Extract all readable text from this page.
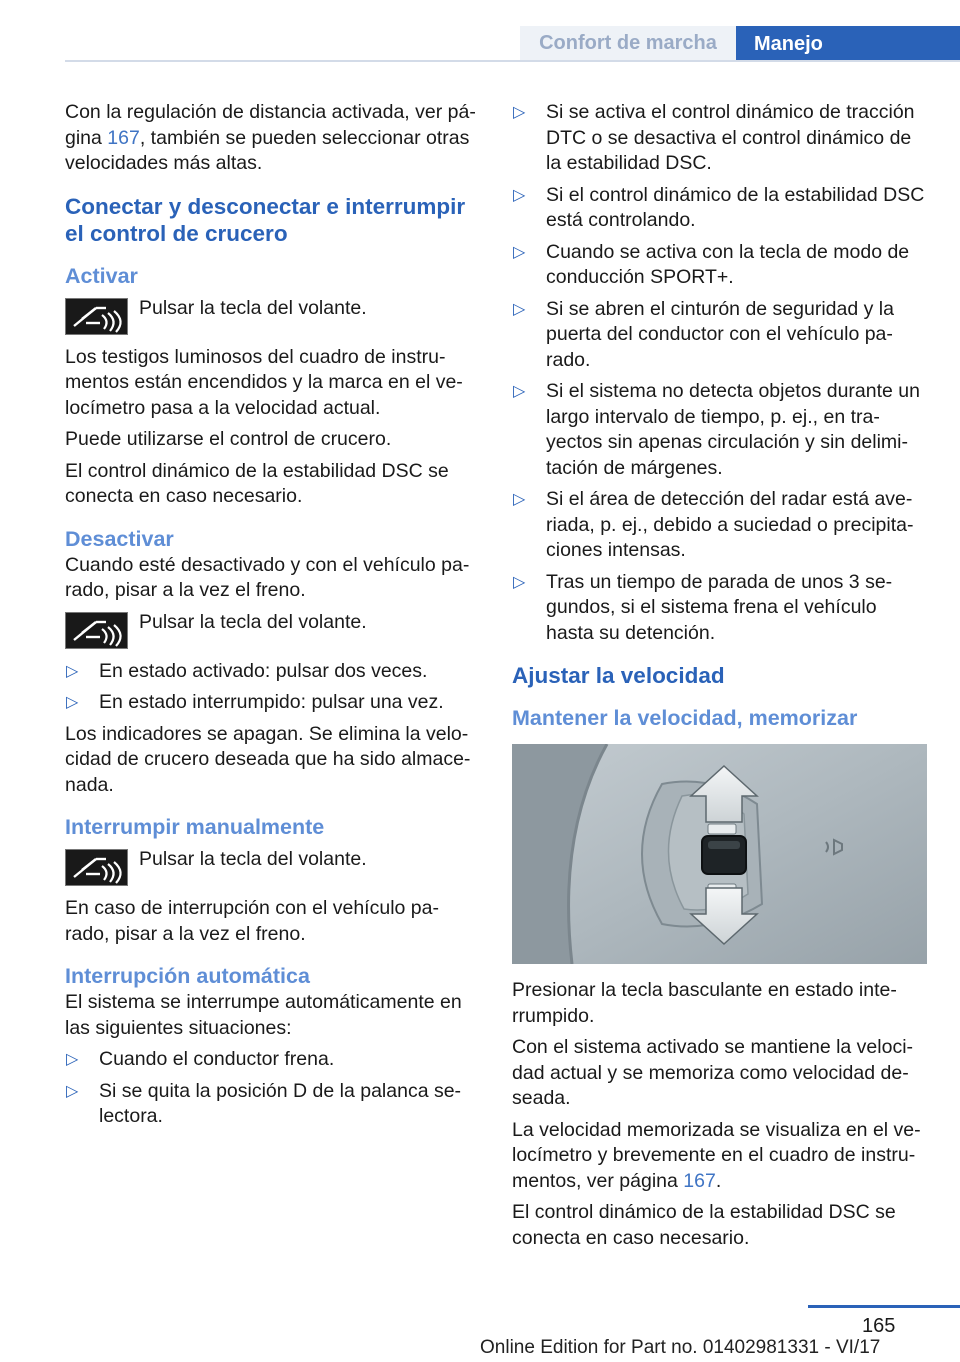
Confort de marcha	Manejo

Con la regulación de distancia activada, ver pá‐gina 167, también se pueden seleccionar otras velocidades más altas.

Conectar y desconectar e interrumpir el control de crucero
Activar
Pulsar la tecla del volante.

Los testigos luminosos del cuadro de instru‐mentos están encendidos y la marca en el ve‐locímetro pasa a la velocidad actual.

Puede utilizarse el control de crucero.

El control dinámico de la estabilidad DSC se conecta en caso necesario.

Desactivar

Cuando esté desactivado y con el vehículo pa‐rado, pisar a la vez el freno.

Pulsar la tecla del volante.
▷ En estado activado: pulsar dos veces.
▷ En estado interrumpido: pulsar una vez.

Los indicadores se apagan. Se elimina la velo‐cidad de crucero deseada que ha sido almace‐nada.

Interrumpir manualmente
Pulsar la tecla del volante.

En caso de interrupción con el vehículo pa‐rado, pisar a la vez el freno.

Interrupción automática

El sistema se interrumpe automáticamente en las siguientes situaciones:

▷ Cuando el conductor frena.
▷ Si se quita la posición D de la palanca se‐lectora.
▷ Si se activa el control dinámico de tracción DTC o se desactiva el control dinámico de la estabilidad DSC.
▷ Si el control dinámico de la estabilidad DSC está controlando.
▷ Cuando se activa con la tecla de modo de conducción SPORT+.
▷ Si se abren el cinturón de seguridad y la puerta del conductor con el vehículo pa‐rado.
▷ Si el sistema no detecta objetos durante un largo intervalo de tiempo, p. ej., en tra‐yectos sin apenas circulación y sin delimi‐tación de márgenes.
▷ Si el área de detección del radar está ave‐riada, p. ej., debido a suciedad o precipita‐ciones intensas.
▷ Tras un tiempo de parada de unos 3 se‐gundos, si el sistema frena el vehículo hasta su detención.
Ajustar la velocidad
Mantener la velocidad, memorizar

Presionar la tecla basculante en estado inte‐rrumpido.

Con el sistema activado se mantiene la veloci‐dad actual y se memoriza como velocidad de‐seada.

La velocidad memorizada se visualiza en el ve‐locímetro y brevemente en el cuadro de instru‐mentos, ver página 167.

El control dinámico de la estabilidad DSC se conecta en caso necesario.

165
Online Edition for Part no. 01402981331 - VI/17
